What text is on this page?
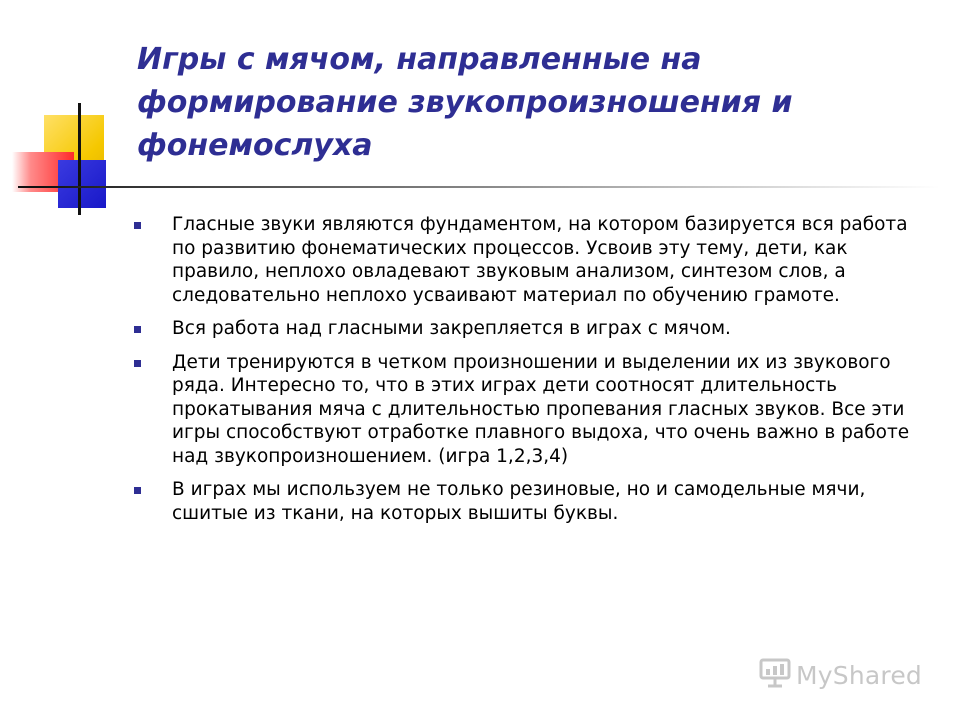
Игры с мячом, направленные на формирование звукопроизношения и фонемослуха
Гласные звуки являются фундаментом, на котором базируется вся работа по развитию фонематических процессов. Усвоив эту тему, дети, как правило, неплохо овладевают звуковым анализом, синтезом слов, а следовательно неплохо усваивают материал по обучению грамоте.
Вся работа над гласными закрепляется в играх с мячом.
Дети тренируются в четком произношении и выделении их из звукового ряда. Интересно то, что в этих играх дети соотносят длительность прокатывания мяча с длительностью пропевания гласных звуков. Все эти игры способствуют отработке плавного выдоха, что очень важно в работе над звукопроизношением. (игра 1,2,3,4)
В играх мы используем не только резиновые, но и самодельные мячи, сшитые из ткани, на которых вышиты буквы.
MyShared
